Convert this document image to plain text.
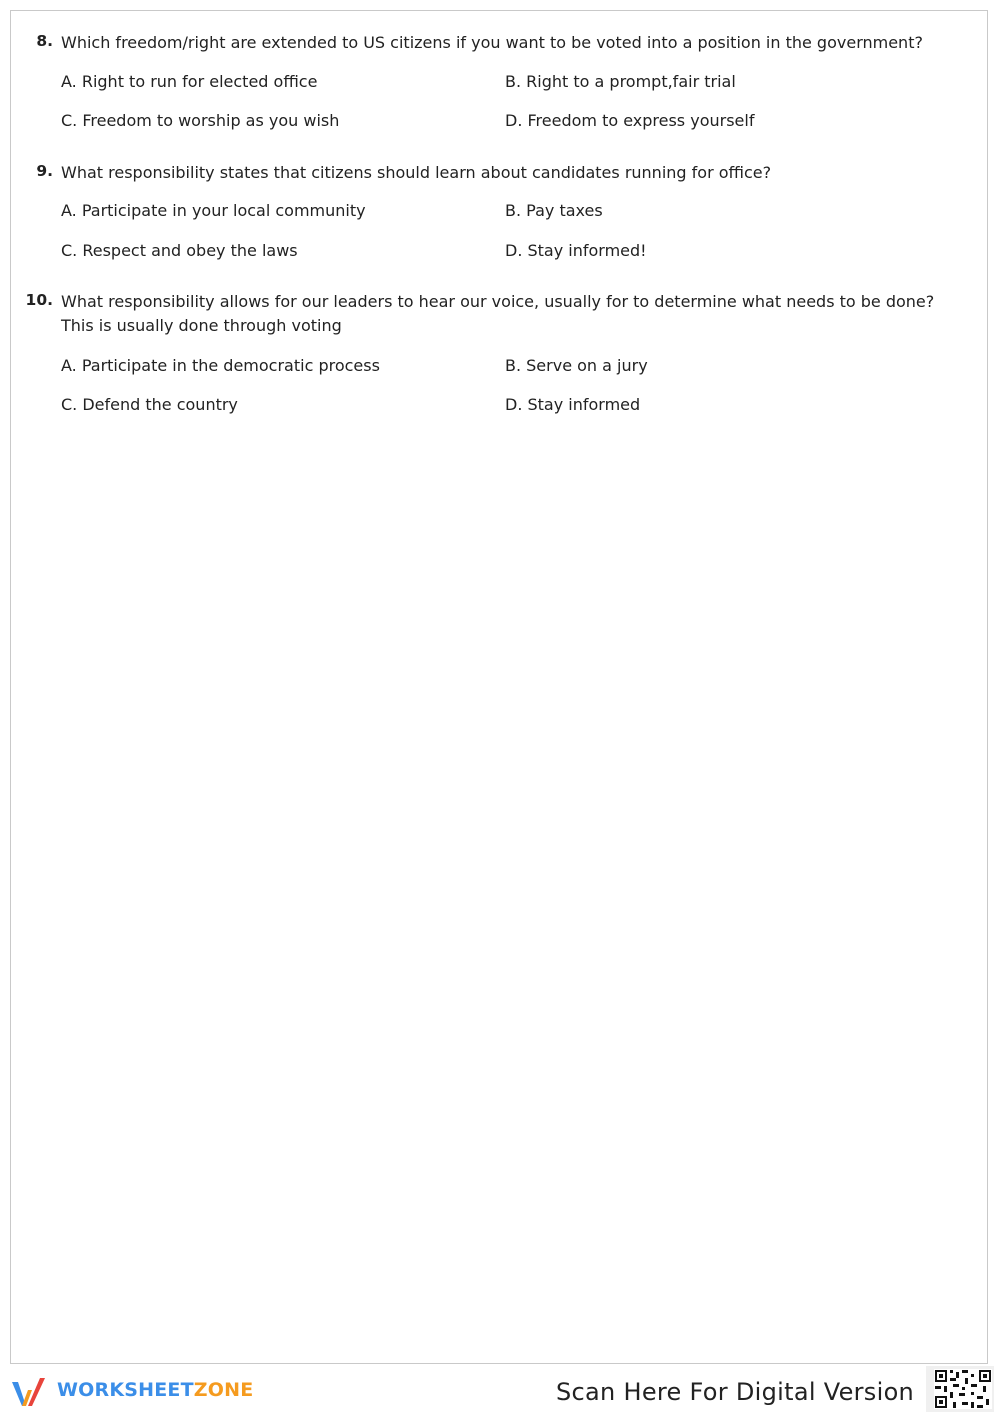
8. Which freedom/right are extended to US citizens if you want to be voted into a position in the government?
A. Right to run for elected office	B. Right to a prompt,fair trial
C. Freedom to worship as you wish	D. Freedom to express yourself
9. What responsibility states that citizens should learn about candidates running for office?
A. Participate in your local community	B. Pay taxes
C. Respect and obey the laws	D. Stay informed!
10. What responsibility allows for our leaders to hear our voice, usually for to determine what needs to be done? This is usually done through voting
A. Participate in the democratic process	B. Serve on a jury
C. Defend the country	D. Stay informed
WORKSHEETZONE	Scan Here For Digital Version
